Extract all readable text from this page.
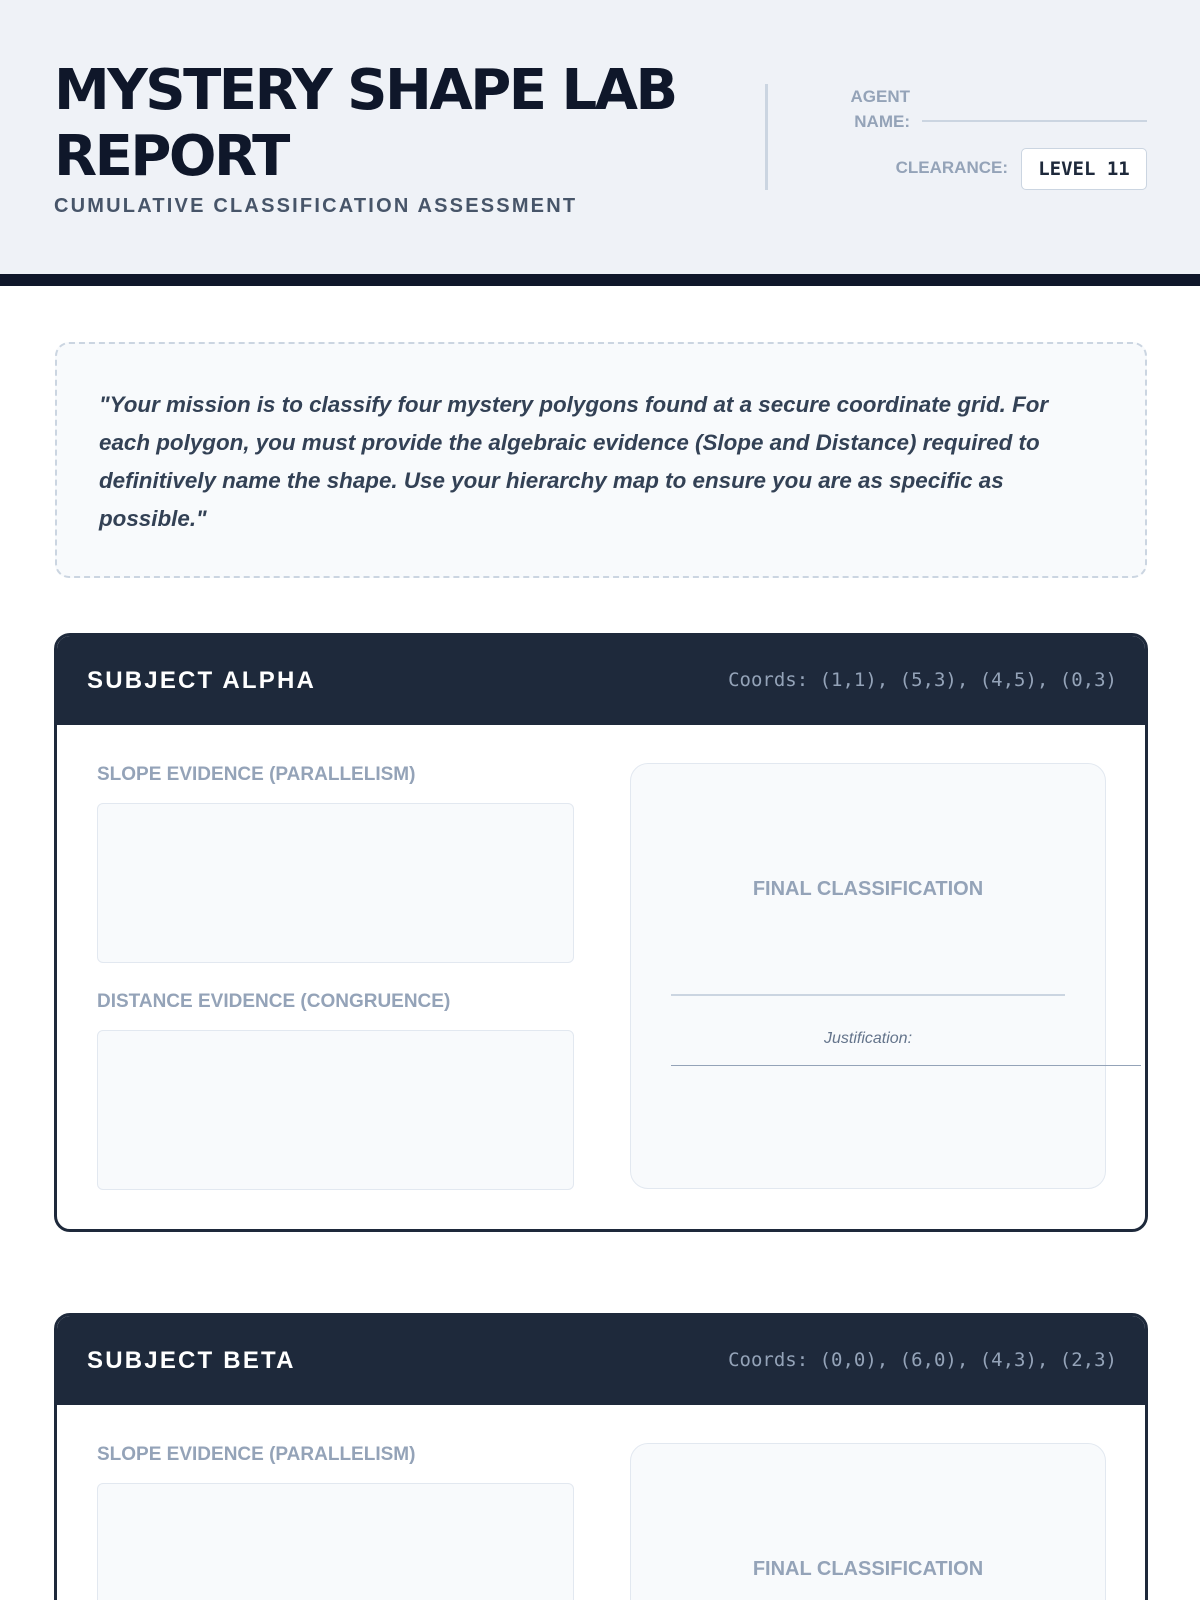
MYSTERY SHAPE LAB REPORT
CUMULATIVE CLASSIFICATION ASSESSMENT
AGENT NAME:
CLEARANCE:	LEVEL 11
"Your mission is to classify four mystery polygons found at a secure coordinate grid. For each polygon, you must provide the algebraic evidence (Slope and Distance) required to definitively name the shape. Use your hierarchy map to ensure you are as specific as possible."
SUBJECT ALPHA	Coords: (1,1), (5,3), (4,5), (0,3)
SLOPE EVIDENCE (PARALLELISM)
DISTANCE EVIDENCE (CONGRUENCE)
FINAL CLASSIFICATION
Justification:
SUBJECT BETA	Coords: (0,0), (6,0), (4,3), (2,3)
SLOPE EVIDENCE (PARALLELISM)
FINAL CLASSIFICATION
